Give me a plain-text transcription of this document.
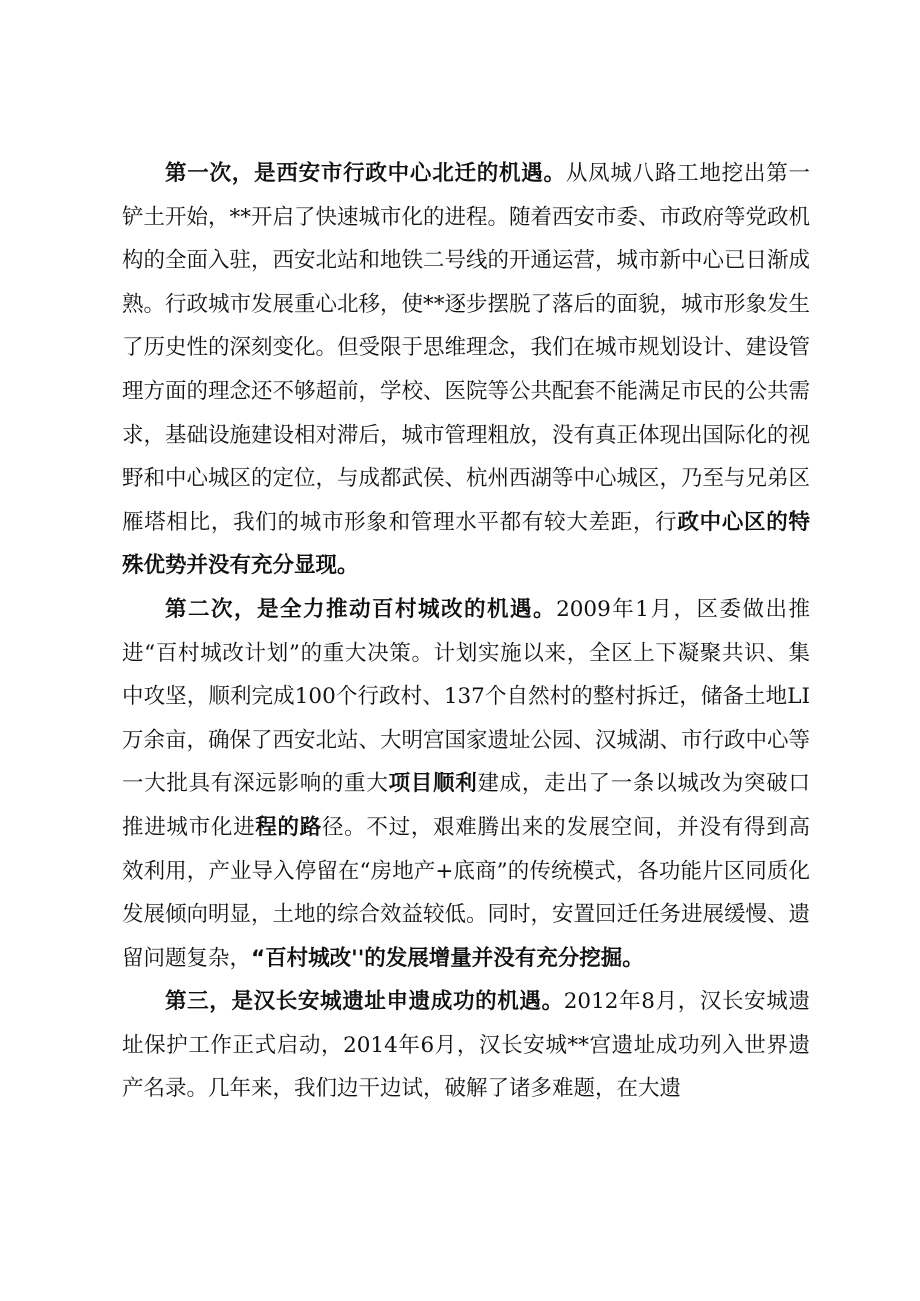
第一次，是西安市行政中心北迁的机遇。从凤城八路工地挖出第一铲土开始，**开启了快速城市化的进程。随着西安市委、市政府等党政机构的全面入驻，西安北站和地铁二号线的开通运营，城市新中心已日渐成熟。行政城市发展重心北移，使**逐步摆脱了落后的面貌，城市形象发生了历史性的深刻变化。但受限于思维理念，我们在城市规划设计、建设管理方面的理念还不够超前，学校、医院等公共配套不能满足市民的公共需求，基础设施建设相对滞后，城市管理粗放，没有真正体现出国际化的视野和中心城区的定位，与成都武侯、杭州西湖等中心城区，乃至与兄弟区雁塔相比，我们的城市形象和管理水平都有较大差距，行政中心区的特殊优势并没有充分显现。

第二次，是全力推动百村城改的机遇。2009年1月，区委做出推进“百村城改计划”的重大决策。计划实施以来，全区上下凝聚共识、集中攻坚，顺利完成100个行政村、137个自然村的整村拆迁，储备土地LI万余亩，确保了西安北站、大明宫国家遗址公园、汉城湖、市行政中心等一大批具有深远影响的重大项目顺利建成，走出了一条以城改为突破口推进城市化进程的路径。不过，艰难腾出来的发展空间，并没有得到高效利用，产业导入停留在“房地产+底商”的传统模式，各功能片区同质化发展倾向明显，土地的综合效益较低。同时，安置回迁任务进展缓慢、遗留问题复杂，“百村城改''的发展增量并没有充分挖掘。

第三，是汉长安城遗址申遗成功的机遇。2012年8月，汉长安城遗址保护工作正式启动，2014年6月，汉长安城**宫遗址成功列入世界遗产名录。几年来，我们边干边试，破解了诸多难题，在大遗
